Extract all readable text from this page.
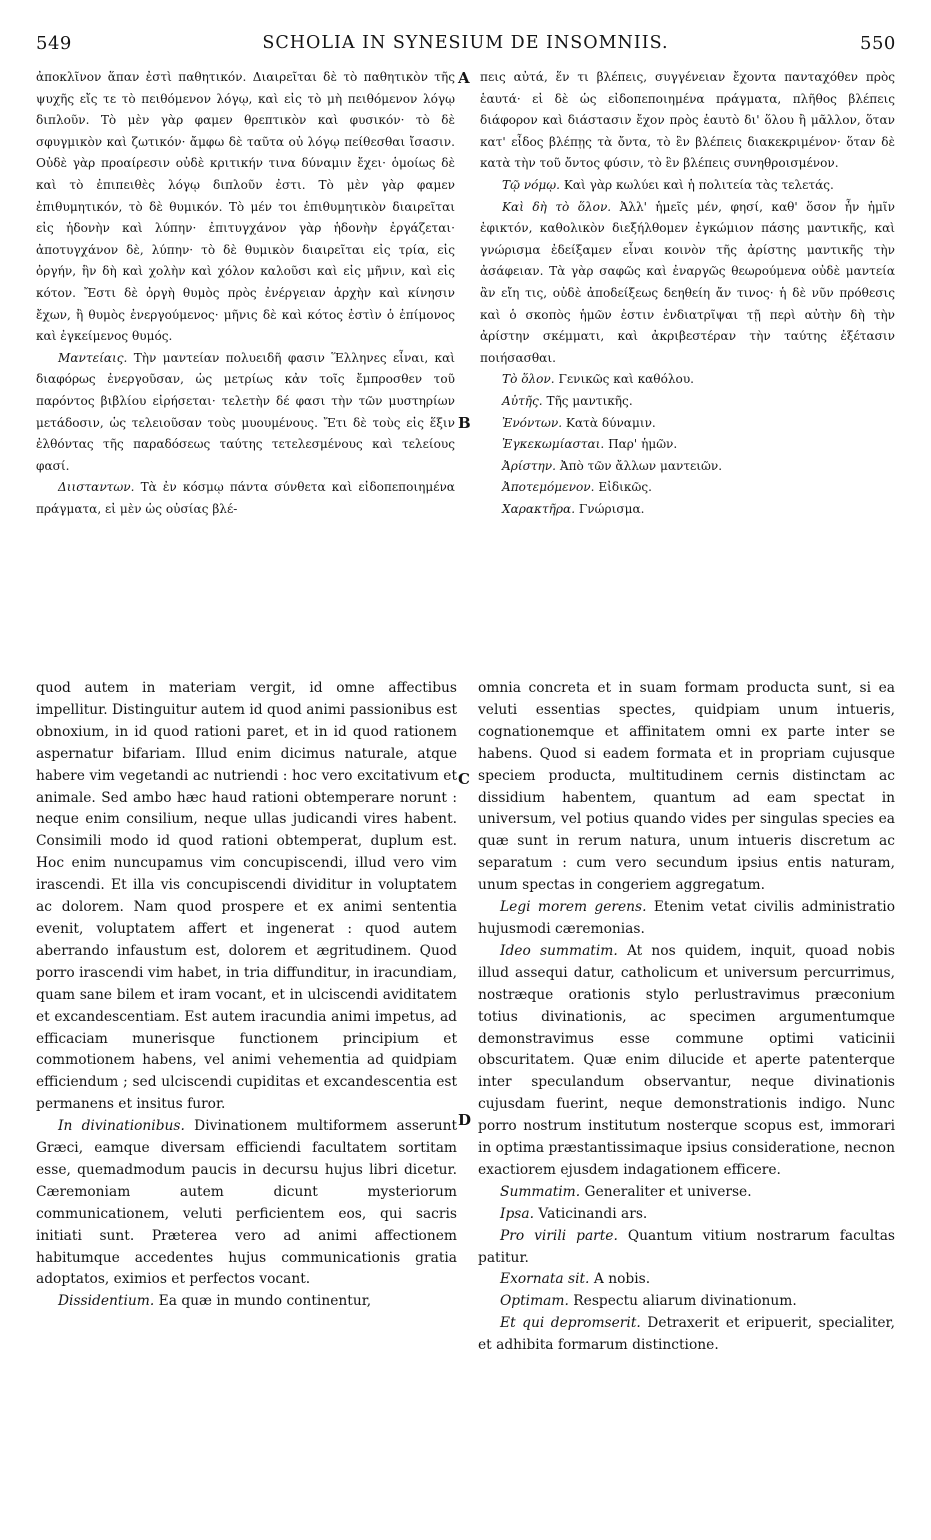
549	SCHOLIA IN SYNESIUM DE INSOMNIIS.	550
A
B
C
D

ἀποκλῖνον ἅπαν ἐστὶ παθητικόν. Διαιρεῖται δὲ τὸ παθητικὸν τῆς ψυχῆς εἴς τε τὸ πειθόμενον λόγῳ, καὶ εἰς τὸ μὴ πειθόμενον λόγῳ διπλοῦν. Τὸ μὲν γὰρ φαμεν θρεπτικὸν καὶ φυσικόν· τὸ δὲ σφυγμικὸν καὶ ζωτικόν· ἄμφω δὲ ταῦτα οὐ λόγῳ πείθεσθαι ἴσασιν. Οὐδὲ γὰρ προαίρεσιν οὐδὲ κριτικήν τινα δύναμιν ἔχει· ὁμοίως δὲ καὶ τὸ ἐπιπειθὲς λόγῳ διπλοῦν ἐστι. Τὸ μὲν γὰρ φαμεν ἐπιθυμητικόν, τὸ δὲ θυμικόν. Τὸ μέν τοι ἐπιθυμητικὸν διαιρεῖται εἰς ἡδονὴν καὶ λύπην· ἐπιτυγχάνον γὰρ ἡδονὴν ἐργάζεται· ἀποτυγχάνον δὲ, λύπην· τὸ δὲ θυμικὸν διαιρεῖται εἰς τρία, εἰς ὀργήν, ἣν δὴ καὶ χολὴν καὶ χόλον καλοῦσι καὶ εἰς μῆνιν, καὶ εἰς κότον. Ἔστι δὲ ὀργὴ θυμὸς πρὸς ἐνέργειαν ἀρχὴν καὶ κίνησιν ἔχων, ἢ θυμὸς ἐνεργούμενος· μῆνις δὲ καὶ κότος ἐστὶν ὁ ἐπίμονος καὶ ἐγκείμενος θυμός.

Μαντείαις. Τὴν μαντείαν πολυειδῆ φασιν Ἕλληνες εἶναι, καὶ διαφόρως ἐνεργοῦσαν, ὡς μετρίως κἀν τοῖς ἔμπροσθεν τοῦ παρόντος βιβλίου εἰρήσεται· τελετὴν δέ φασι τὴν τῶν μυστηρίων μετάδοσιν, ὡς τελειοῦσαν τοὺς μυουμένους. Ἔτι δὲ τοὺς εἰς ἕξιν ἐλθόντας τῆς παραδόσεως ταύτης τετελεσμένους καὶ τελείους φασί.

Διισταντων. Τὰ ἐν κόσμῳ πάντα σύνθετα καὶ εἰδοπεποιημένα πράγματα, εἰ μὲν ὡς οὐσίας βλέ-

πεις αὐτά, ἕν τι βλέπεις, συγγένειαν ἔχοντα πανταχόθεν πρὸς ἑαυτά· εἰ δὲ ὡς εἰδοπεποιημένα πράγματα, πλῆθος βλέπεις διάφορον καὶ διάστασιν ἔχον πρὸς ἑαυτὸ δι' ὅλου ἢ μᾶλλον, ὅταν κατ' εἶδος βλέπῃς τὰ ὄντα, τὸ ἓν βλέπεις διακεκριμένον· ὅταν δὲ κατὰ τὴν τοῦ ὄντος φύσιν, τὸ ἓν βλέπεις συνηθροισμένον.

Τῷ νόμῳ. Καὶ γὰρ κωλύει καὶ ἡ πολιτεία τὰς τελετάς.

Καὶ δὴ τὸ ὅλον. Ἀλλ' ἡμεῖς μέν, φησί, καθ' ὅσον ἦν ἡμῖν ἐφικτόν, καθολικὸν διεξήλθομεν ἐγκώμιον πάσης μαντικῆς, καὶ γνώρισμα ἐδείξαμεν εἶναι κοινὸν τῆς ἀρίστης μαντικῆς τὴν ἀσάφειαν. Τὰ γὰρ σαφῶς καὶ ἐναργῶς θεωρούμενα οὐδὲ μαντεία ἂν εἴη τις, οὐδὲ ἀποδείξεως δεηθείη ἄν τινος· ἡ δὲ νῦν πρόθεσις καὶ ὁ σκοπὸς ἡμῶν ἐστιν ἐνδιατρῖψαι τῇ περὶ αὐτὴν δὴ τὴν ἀρίστην σκέμματι, καὶ ἀκριβεστέραν τὴν ταύτης ἐξέτασιν ποιήσασθαι.

Τὸ ὅλον. Γενικῶς καὶ καθόλου.

Αὐτῆς. Τῆς μαντικῆς.

Ἐνόντων. Κατὰ δύναμιν.

Ἐγκεκωμίασται. Παρ' ἡμῶν.

Ἀρίστην. Ἀπὸ τῶν ἄλλων μαντειῶν.

Ἀποτεμόμενον. Εἰδικῶς.

Χαρακτῆρα. Γνώρισμα.

quod autem in materiam vergit, id omne affectibus impellitur. Distinguitur autem id quod animi passionibus est obnoxium, in id quod rationi paret, et in id quod rationem aspernatur bifariam. Illud enim dicimus naturale, atque habere vim vegetandi ac nutriendi : hoc vero excitativum et animale. Sed ambo hæc haud rationi obtemperare norunt : neque enim consilium, neque ullas judicandi vires habent. Consimili modo id quod rationi obtemperat, duplum est. Hoc enim nuncupamus vim concupiscendi, illud vero vim irascendi. Et illa vis concupiscendi dividitur in voluptatem ac dolorem. Nam quod prospere et ex animi sententia evenit, voluptatem affert et ingenerat : quod autem aberrando infaustum est, dolorem et ægritudinem. Quod porro irascendi vim habet, in tria diffunditur, in iracundiam, quam sane bilem et iram vocant, et in ulciscendi aviditatem et excandescentiam. Est autem iracundia animi impetus, ad efficaciam munerisque functionem principium et commotionem habens, vel animi vehementia ad quidpiam efficiendum ; sed ulciscendi cupiditas et excandescentia est permanens et insitus furor.

In divinationibus. Divinationem multiformem asserunt Græci, eamque diversam efficiendi facultatem sortitam esse, quemadmodum paucis in decursu hujus libri dicetur. Cæremoniam autem dicunt mysteriorum communicationem, veluti perficientem eos, qui sacris initiati sunt. Præterea vero ad animi affectionem habitumque accedentes hujus communicationis gratia adoptatos, eximios et perfectos vocant.

Dissidentium. Ea quæ in mundo continentur,

omnia concreta et in suam formam producta sunt, si ea veluti essentias spectes, quidpiam unum intueris, cognationemque et affinitatem omni ex parte inter se habens. Quod si eadem formata et in propriam cujusque speciem producta, multitudinem cernis distinctam ac dissidium habentem, quantum ad eam spectat in universum, vel potius quando vides per singulas species ea quæ sunt in rerum natura, unum intueris discretum ac separatum : cum vero secundum ipsius entis naturam, unum spectas in congeriem aggregatum.

Legi morem gerens. Etenim vetat civilis administratio hujusmodi cæremonias.

Ideo summatim. At nos quidem, inquit, quoad nobis illud assequi datur, catholicum et universum percurrimus, nostræque orationis stylo perlustravimus præconium totius divinationis, ac specimen argumentumque demonstravimus esse commune optimi vaticinii obscuritatem. Quæ enim dilucide et aperte patenterque inter speculandum observantur, neque divinationis cujusdam fuerint, neque demonstrationis indigo. Nunc porro nostrum institutum nosterque scopus est, immorari in optima præstantissimaque ipsius consideratione, necnon exactiorem ejusdem indagationem efficere.

Summatim. Generaliter et universe.

Ipsa. Vaticinandi ars.

Pro virili parte. Quantum vitium nostrarum facultas patitur.

Exornata sit. A nobis.

Optimam. Respectu aliarum divinationum.

Et qui depromserit. Detraxerit et eripuerit, specialiter, et adhibita formarum distinctione.
